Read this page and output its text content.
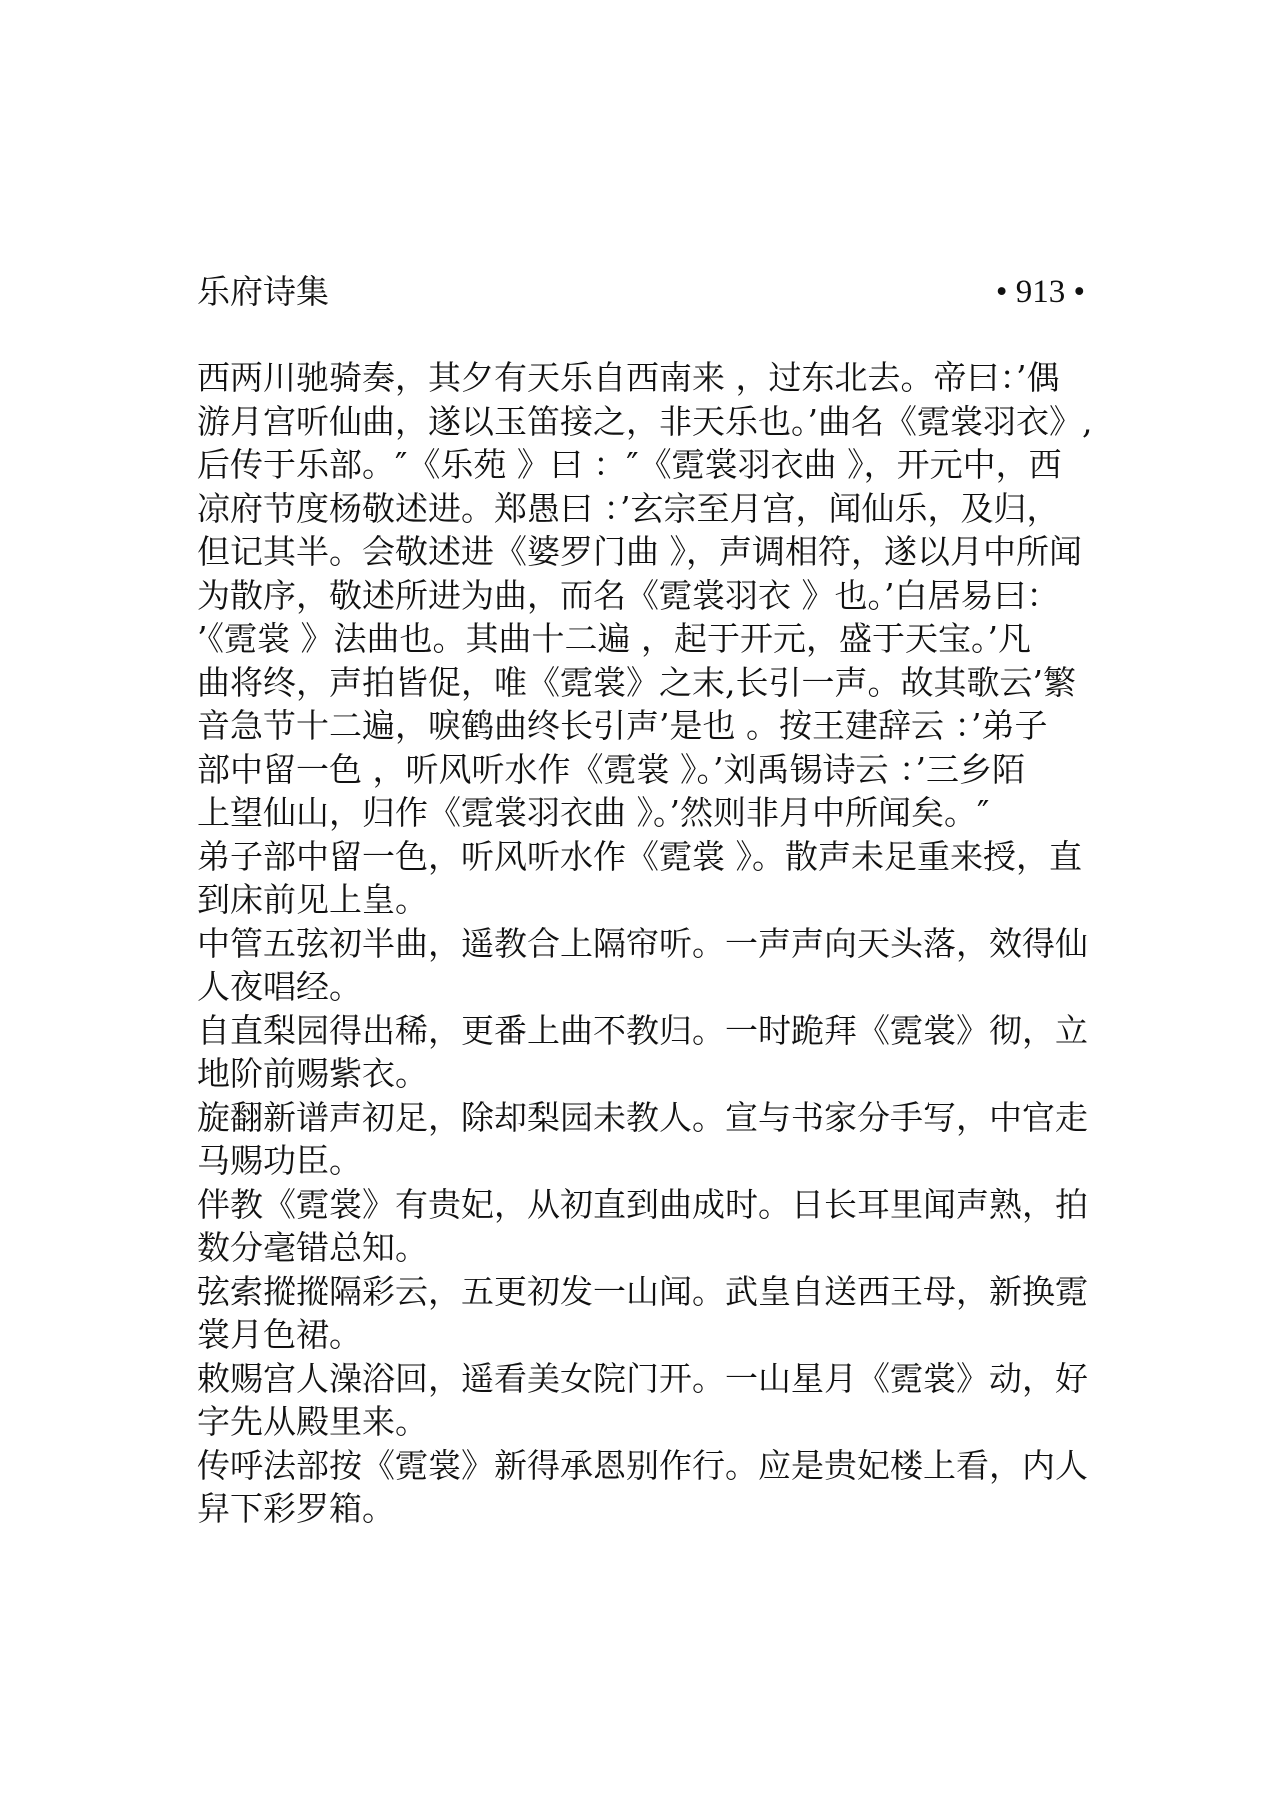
乐府诗集	• 913 •
西两川驰骑奏，其夕有天乐自西南来 ，过东北去。帝曰：’偶
游月宫听仙曲，遂以玉笛接之，非天乐也。’曲名《霓裳羽衣》,
后传于乐部。″《乐苑 》曰 ：″《霓裳羽衣曲 》，开元中，西
凉府节度杨敬述进。郑愚曰 ：’玄宗至月宫，闻仙乐，及归，
但记其半。会敬述进《婆罗门曲 》，声调相符，遂以月中所闻
为散序，敬述所进为曲，而名《霓裳羽衣 》也。’白居易曰：
’《霓裳 》法曲也。其曲十二遍 ，起于开元，盛于天宝。’凡
曲将终，声拍皆促，唯《霓裳》之末,长引一声。故其歌云’繁
音急节十二遍，唳鹤曲终长引声’是也 。按王建辞云 ：’弟子
部中留一色 ，听风听水作《霓裳 》。’刘禹锡诗云 ：’三乡陌
上望仙山，归作《霓裳羽衣曲 》。’然则非月中所闻矣。″
弟子部中留一色，听风听水作《霓裳 》。散声未足重来授，直
到床前见上皇。
中管五弦初半曲，遥教合上隔帘听。一声声向天头落，效得仙
人夜唱经。
自直梨园得出稀，更番上曲不教归。一时跪拜《霓裳》彻，立
地阶前赐紫衣。
旋翻新谱声初足，除却梨园未教人。宣与书家分手写，中官走
马赐功臣。
伴教《霓裳》有贵妃，从初直到曲成时。日长耳里闻声熟，拍
数分毫错总知。
弦索摐摐隔彩云，五更初发一山闻。武皇自送西王母，新换霓
裳月色裙。
敕赐宫人澡浴回，遥看美女院门开。一山星月《霓裳》动，好
字先从殿里来。
传呼法部按《霓裳》新得承恩别作行。应是贵妃楼上看，内人
舁下彩罗箱。
